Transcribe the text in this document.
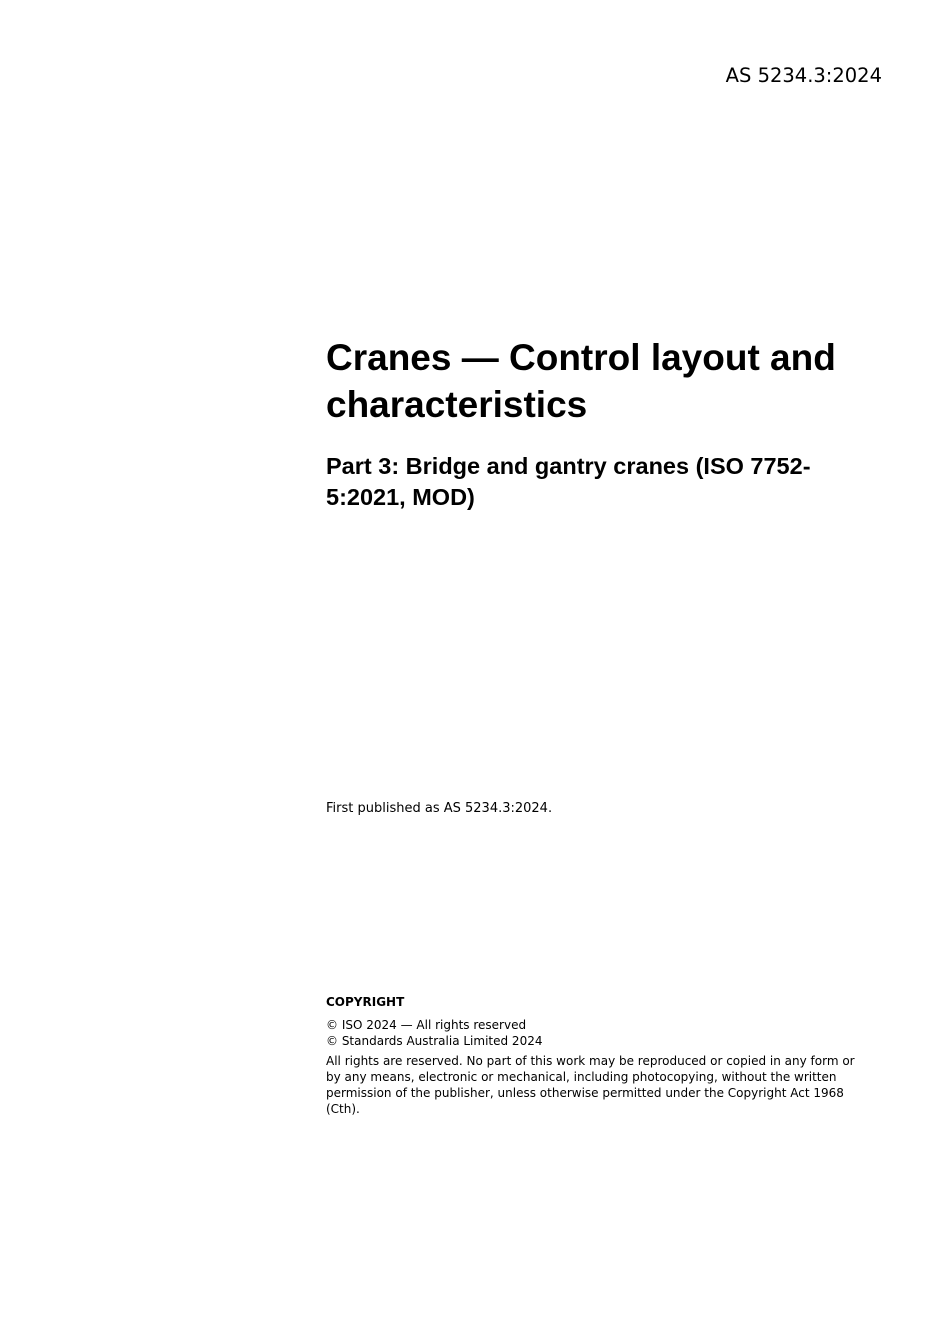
AS 5234.3:2024
Cranes — Control layout and characteristics
Part 3: Bridge and gantry cranes (ISO 7752-5:2021, MOD)
First published as AS 5234.3:2024.
COPYRIGHT
© ISO 2024 — All rights reserved
© Standards Australia Limited 2024
All rights are reserved. No part of this work may be reproduced or copied in any form or by any means, electronic or mechanical, including photocopying, without the written permission of the publisher, unless otherwise permitted under the Copyright Act 1968 (Cth).
